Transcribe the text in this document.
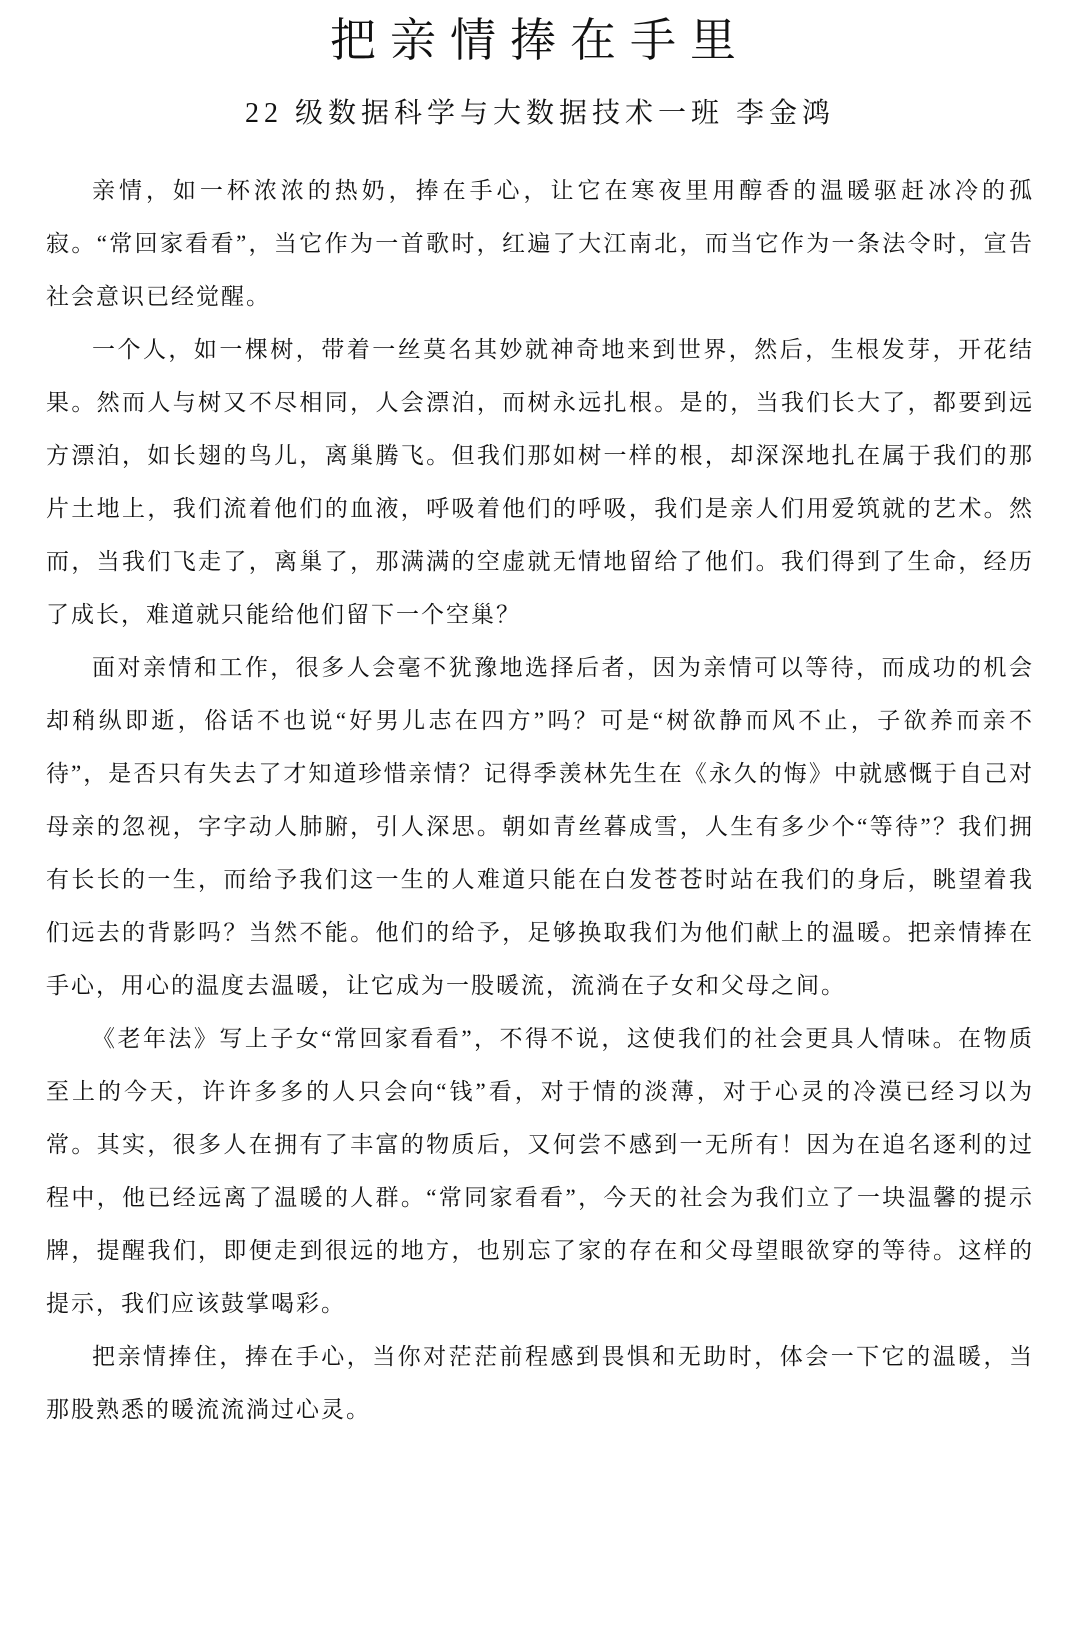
把亲情捧在手里
22 级数据科学与大数据技术一班 李金鸿

亲情，如一杯浓浓的热奶，捧在手心，让它在寒夜里用醇香的温暖驱赶冰冷的孤寂。“常回家看看”，当它作为一首歌时，红遍了大江南北，而当它作为一条法令时，宣告社会意识已经觉醒。

一个人，如一棵树，带着一丝莫名其妙就神奇地来到世界，然后，生根发芽，开花结果。然而人与树又不尽相同，人会漂泊，而树永远扎根。是的，当我们长大了，都要到远方漂泊，如长翅的鸟儿，离巢腾飞。但我们那如树一样的根，却深深地扎在属于我们的那片土地上，我们流着他们的血液，呼吸着他们的呼吸，我们是亲人们用爱筑就的艺术。然而，当我们飞走了，离巢了，那满满的空虚就无情地留给了他们。我们得到了生命，经历了成长，难道就只能给他们留下一个空巢？

面对亲情和工作，很多人会毫不犹豫地选择后者，因为亲情可以等待，而成功的机会却稍纵即逝，俗话不也说“好男儿志在四方”吗？可是“树欲静而风不止，子欲养而亲不待”，是否只有失去了才知道珍惜亲情？记得季羡林先生在《永久的悔》中就感慨于自己对母亲的忽视，字字动人肺腑，引人深思。朝如青丝暮成雪，人生有多少个“等待”？我们拥有长长的一生，而给予我们这一生的人难道只能在白发苍苍时站在我们的身后，眺望着我们远去的背影吗？当然不能。他们的给予，足够换取我们为他们献上的温暖。把亲情捧在手心，用心的温度去温暖，让它成为一股暖流，流淌在子女和父母之间。

《老年法》写上子女“常回家看看”，不得不说，这使我们的社会更具人情味。在物质至上的今天，许许多多的人只会向“钱”看，对于情的淡薄，对于心灵的冷漠已经习以为常。其实，很多人在拥有了丰富的物质后，又何尝不感到一无所有！因为在追名逐利的过程中，他已经远离了温暖的人群。“常同家看看”，今天的社会为我们立了一块温馨的提示牌，提醒我们，即便走到很远的地方，也别忘了家的存在和父母望眼欲穿的等待。这样的提示，我们应该鼓掌喝彩。

把亲情捧住，捧在手心，当你对茫茫前程感到畏惧和无助时，体会一下它的温暖，当那股熟悉的暖流流淌过心灵。
